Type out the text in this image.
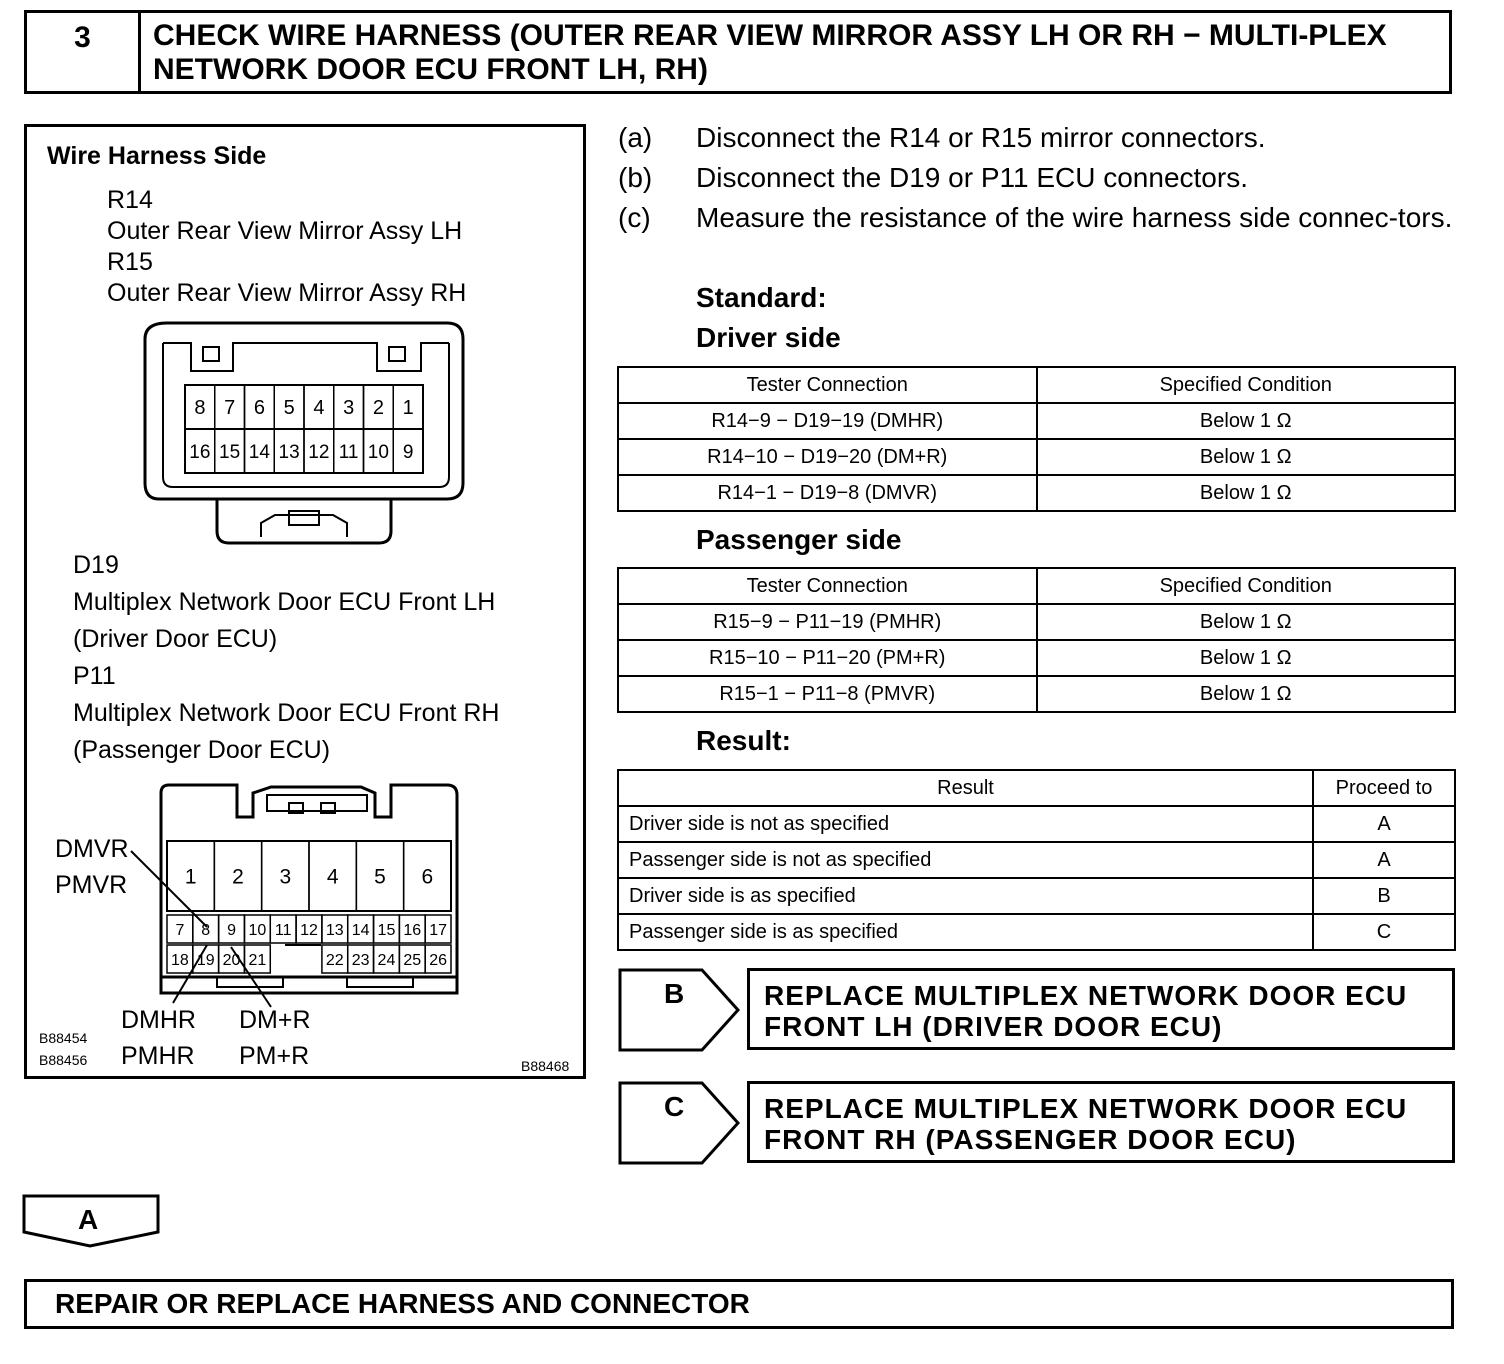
3	CHECK WIRE HARNESS (OUTER REAR VIEW MIRROR ASSY LH OR RH − MULTI-PLEX NETWORK DOOR ECU FRONT LH, RH)
Wire Harness Side
R14
Outer Rear View Mirror Assy LH
R15
Outer Rear View Mirror Assy RH
8 7 6 5 4 3 2 1
16 15 14 13 12 11 10 9
1 2 3 4 5 6
7 8 9 10 11 12 13 14 15 16 17
18 19 20 21	22 23 24 25 26
D19
Multiplex Network Door ECU Front LH
(Driver Door ECU)
P11
Multiplex Network Door ECU Front RH
(Passenger Door ECU)
DMVR
PMVR
DMHR
PMHR
DM+R
PM+R
B88454
B88456	B88468
(a) Disconnect the R14 or R15 mirror connectors.
(b) Disconnect the D19 or P11 ECU connectors.
(c) Measure the resistance of the wire harness side connec-tors.
Standard:
Driver side
Tester Connection	Specified Condition
R14−9 − D19−19 (DMHR)	Below 1 Ω
R14−10 − D19−20 (DM+R)	Below 1 Ω
R14−1 − D19−8 (DMVR)	Below 1 Ω
Passenger side
Tester Connection	Specified Condition
R15−9 − P11−19 (PMHR)	Below 1 Ω
R15−10 − P11−20 (PM+R)	Below 1 Ω
R15−1 − P11−8 (PMVR)	Below 1 Ω
Result:
Result	Proceed to
Driver side is not as specified	A
Passenger side is not as specified	A
Driver side is as specified	B
Passenger side is as specified	C
B	REPLACE MULTIPLEX NETWORK DOOR ECU
FRONT LH (DRIVER DOOR ECU)
C	REPLACE MULTIPLEX NETWORK DOOR ECU
FRONT RH (PASSENGER DOOR ECU)
A
REPAIR OR REPLACE HARNESS AND CONNECTOR
